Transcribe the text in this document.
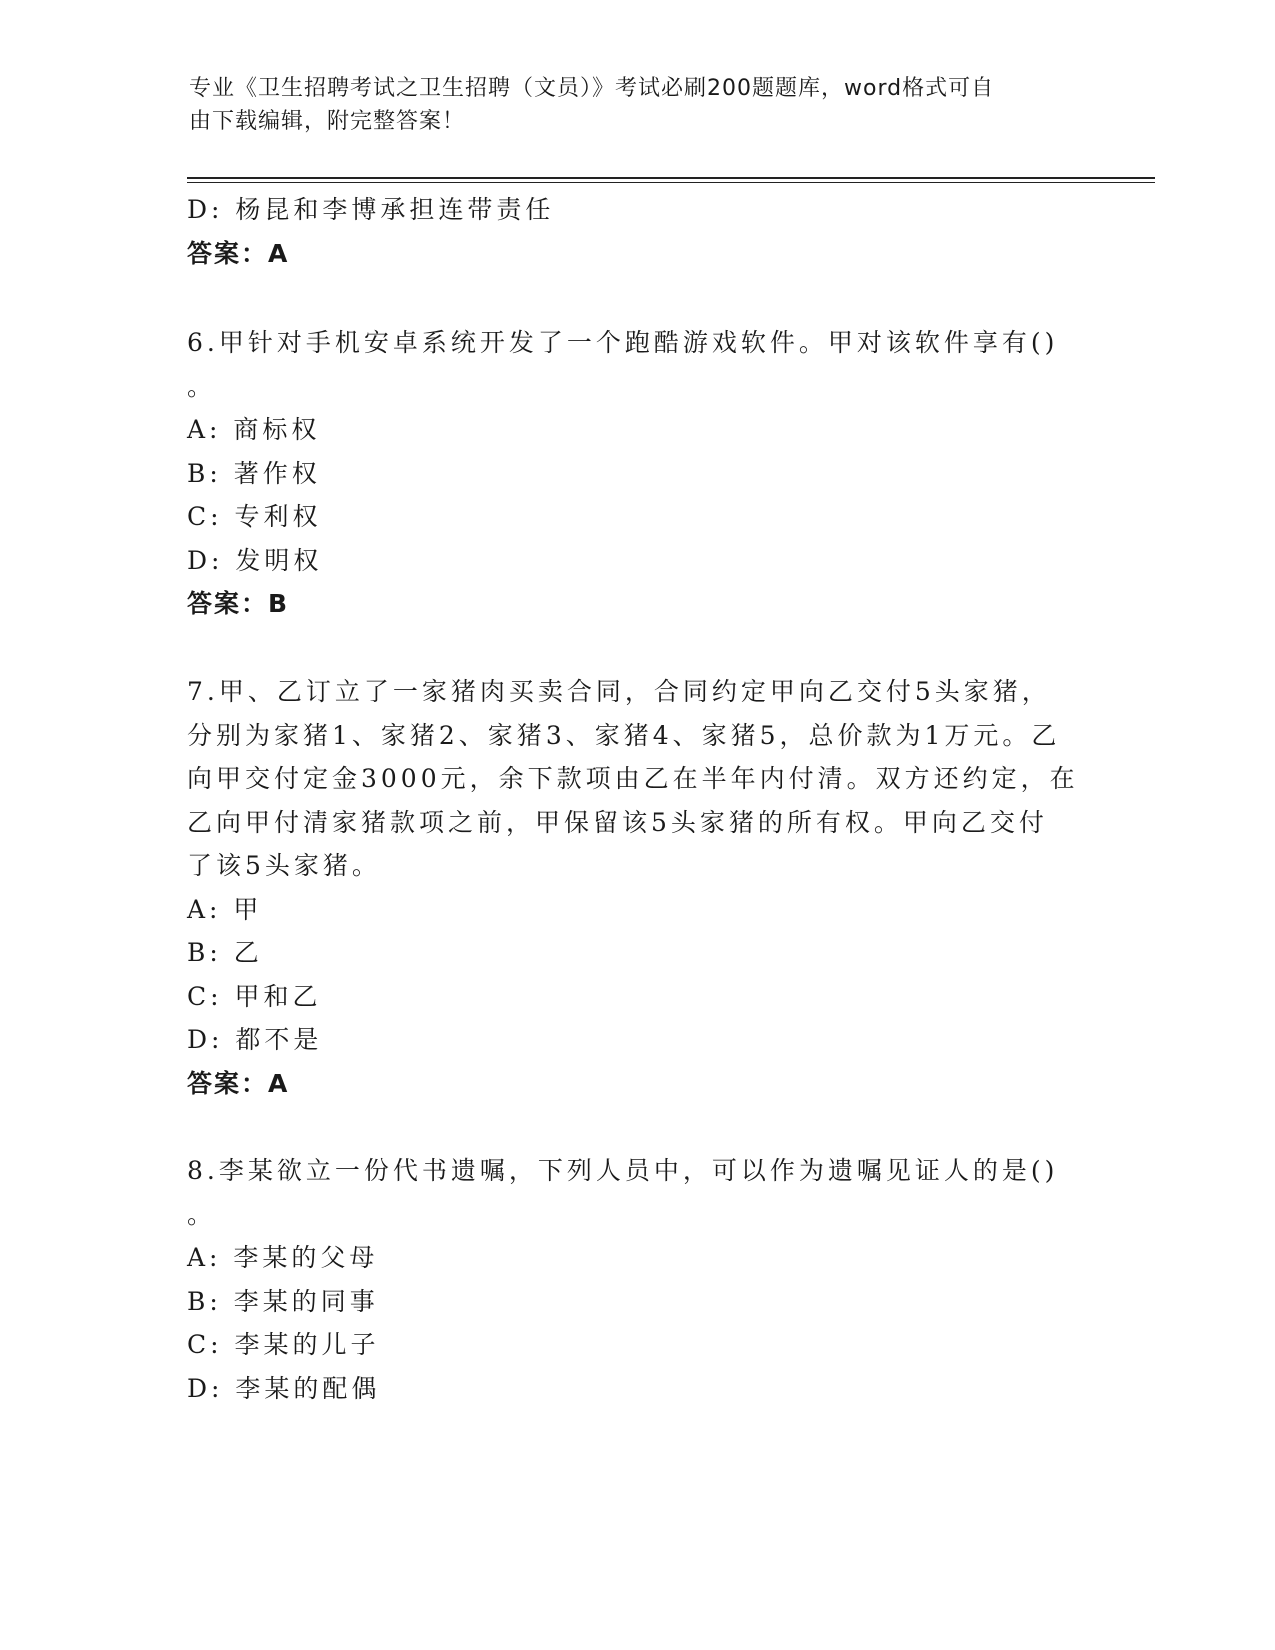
专业《卫生招聘考试之卫生招聘（文员）》考试必刷200题题库，word格式可自
由下载编辑，附完整答案！
D: 杨昆和李博承担连带责任
答案：A
6.甲针对手机安卓系统开发了一个跑酷游戏软件。甲对该软件享有()
。
A: 商标权
B: 著作权
C: 专利权
D: 发明权
答案：B
7.甲、乙订立了一家猪肉买卖合同，合同约定甲向乙交付5头家猪，
分别为家猪1、家猪2、家猪3、家猪4、家猪5，总价款为1万元。乙
向甲交付定金3000元，余下款项由乙在半年内付清。双方还约定，在
乙向甲付清家猪款项之前，甲保留该5头家猪的所有权。甲向乙交付
了该5头家猪。
A: 甲
B: 乙
C: 甲和乙
D: 都不是
答案：A
8.李某欲立一份代书遗嘱，下列人员中，可以作为遗嘱见证人的是()
。
A: 李某的父母
B: 李某的同事
C: 李某的儿子
D: 李某的配偶
